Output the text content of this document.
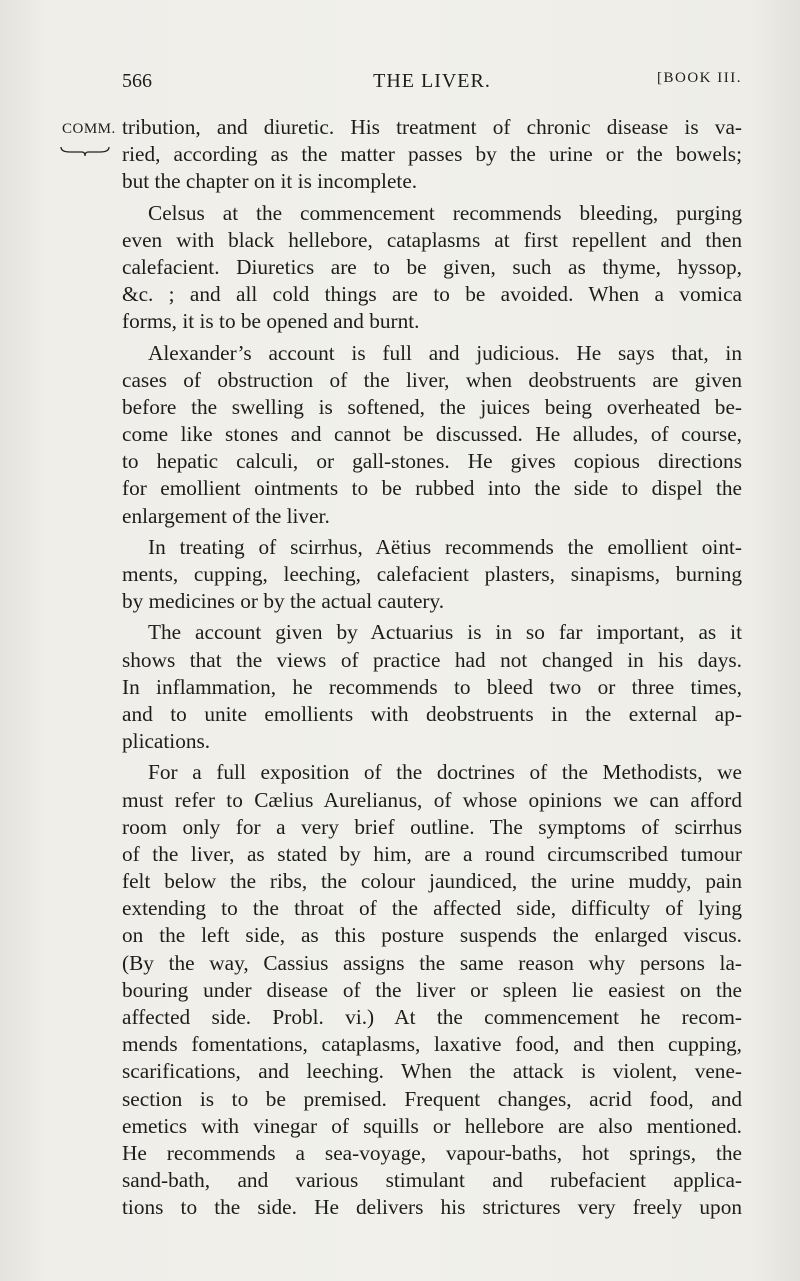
566	THE LIVER.	[BOOK III.
COMM. tribution, and diuretic. His treatment of chronic disease is va-
ried, according as the matter passes by the urine or the bowels;
but the chapter on it is incomplete.
Celsus at the commencement recommends bleeding, purging
even with black hellebore, cataplasms at first repellent and then
calefacient. Diuretics are to be given, such as thyme, hyssop,
&c. ; and all cold things are to be avoided. When a vomica
forms, it is to be opened and burnt.
Alexander’s account is full and judicious. He says that, in
cases of obstruction of the liver, when deobstruents are given
before the swelling is softened, the juices being overheated be-
come like stones and cannot be discussed. He alludes, of course,
to hepatic calculi, or gall-stones. He gives copious directions
for emollient ointments to be rubbed into the side to dispel the
enlargement of the liver.
In treating of scirrhus, Aëtius recommends the emollient oint-
ments, cupping, leeching, calefacient plasters, sinapisms, burning
by medicines or by the actual cautery.
The account given by Actuarius is in so far important, as it
shows that the views of practice had not changed in his days.
In inflammation, he recommends to bleed two or three times,
and to unite emollients with deobstruents in the external ap-
plications.
For a full exposition of the doctrines of the Methodists, we
must refer to Cælius Aurelianus, of whose opinions we can afford
room only for a very brief outline. The symptoms of scirrhus
of the liver, as stated by him, are a round circumscribed tumour
felt below the ribs, the colour jaundiced, the urine muddy, pain
extending to the throat of the affected side, difficulty of lying
on the left side, as this posture suspends the enlarged viscus.
(By the way, Cassius assigns the same reason why persons la-
bouring under disease of the liver or spleen lie easiest on the
affected side. Probl. vi.) At the commencement he recom-
mends fomentations, cataplasms, laxative food, and then cupping,
scarifications, and leeching. When the attack is violent, vene-
section is to be premised. Frequent changes, acrid food, and
emetics with vinegar of squills or hellebore are also mentioned.
He recommends a sea-voyage, vapour-baths, hot springs, the
sand-bath, and various stimulant and rubefacient applica-
tions to the side. He delivers his strictures very freely upon
